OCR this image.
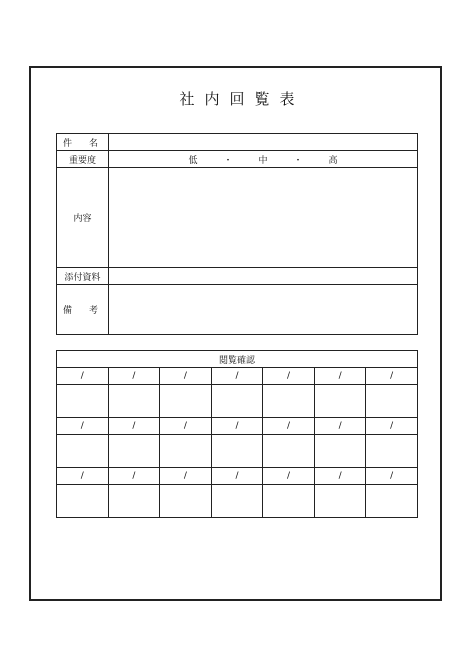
社内回覧表
件　名	
重要度	低 ・ 中 ・ 高

内容	
添付資料	
備　考	
閲覧確認						
/	/	/	/	/	/	/

/	/	/	/	/	/	/

/	/	/	/	/	/	/
